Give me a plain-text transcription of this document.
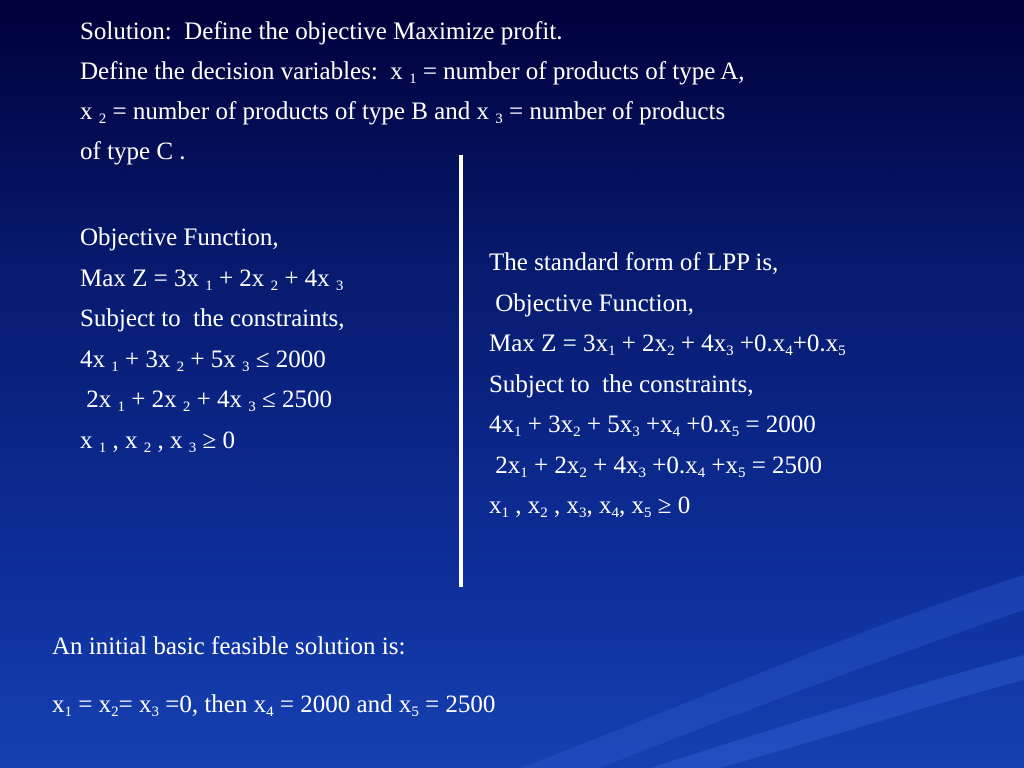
Solution:  Define the objective Maximize profit.
Define the decision variables:  x $_1$ = number of products of type A,
x $_2$ = number of products of type B and x $_3$ = number of products
of type C .
Objective Function,
Max Z = 3x $_1$ + 2x $_2$ + 4x $_3$
Subject to  the constraints,
4x $_1$ + 3x $_2$ + 5x $_3$ ≤ 2000
2x $_1$ + 2x $_2$ + 4x $_3$ ≤ 2500
x $_1$ , x $_2$ , x $_3$ ≥ 0
The standard form of LPP is,
Objective Function,
Max $Z = 3x_1 + 2x_2 + 4x_3 +0.x_4+0.x_5$
Subject to  the constraints,
$4x_1 + 3x_2 + 5x_3 +x_4 +0.x_5 = 2000$
$2x_1 + 2x_2 + 4x_3 +0.x_4 +x_5 = 2500$
$x_1$ , $x_2$ , $x_3$, $x_4$, $x_5 \ge 0$
An initial basic feasible solution is:
$x_1 = x_2= x_3 =0$, then $x_4 = 2000$ and $x_5 = 2500$
